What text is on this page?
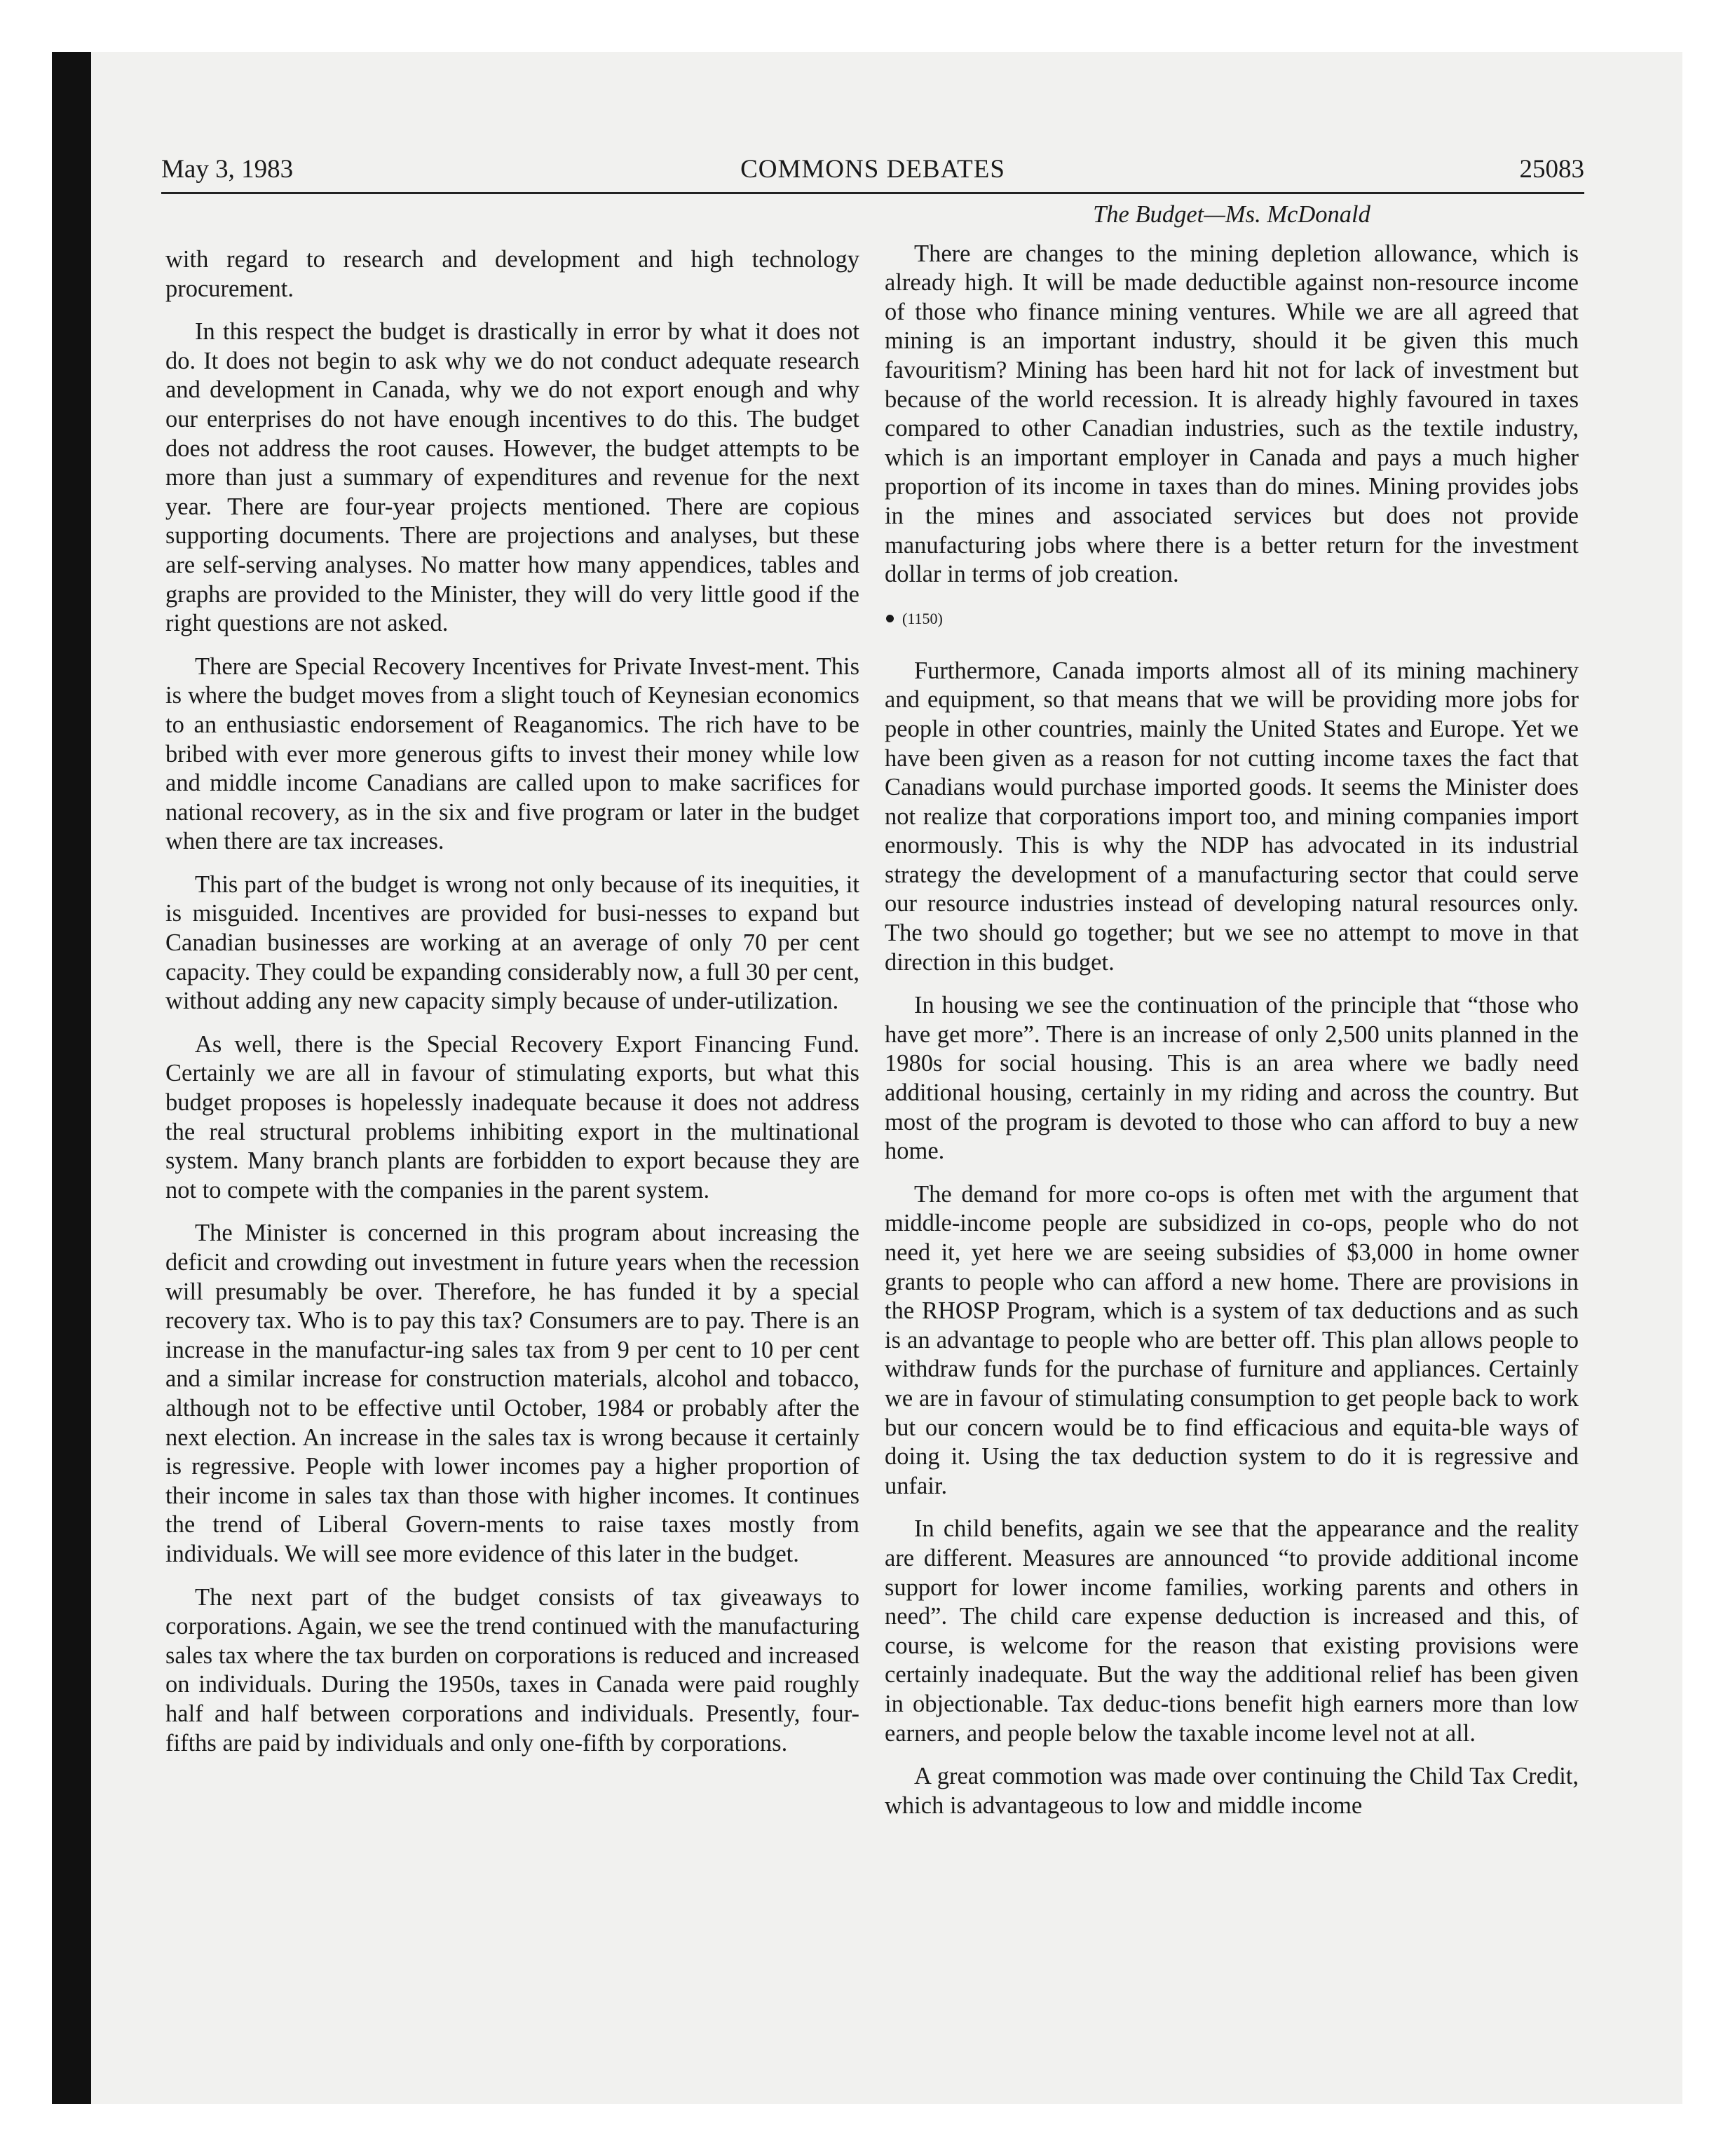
May 3, 1983	COMMONS DEBATES	25083

with regard to research and development and high technology procurement.

In this respect the budget is drastically in error by what it does not do. It does not begin to ask why we do not conduct adequate research and development in Canada, why we do not export enough and why our enterprises do not have enough incentives to do this. The budget does not address the root causes. However, the budget attempts to be more than just a summary of expenditures and revenue for the next year. There are four-year projects mentioned. There are copious supporting documents. There are projections and analyses, but these are self-serving analyses. No matter how many appendices, tables and graphs are provided to the Minister, they will do very little good if the right questions are not asked.

There are Special Recovery Incentives for Private Invest-ment. This is where the budget moves from a slight touch of Keynesian economics to an enthusiastic endorsement of Reaganomics. The rich have to be bribed with ever more generous gifts to invest their money while low and middle income Canadians are called upon to make sacrifices for national recovery, as in the six and five program or later in the budget when there are tax increases.

This part of the budget is wrong not only because of its inequities, it is misguided. Incentives are provided for busi-nesses to expand but Canadian businesses are working at an average of only 70 per cent capacity. They could be expanding considerably now, a full 30 per cent, without adding any new capacity simply because of under-utilization.

As well, there is the Special Recovery Export Financing Fund. Certainly we are all in favour of stimulating exports, but what this budget proposes is hopelessly inadequate because it does not address the real structural problems inhibiting export in the multinational system. Many branch plants are forbidden to export because they are not to compete with the companies in the parent system.

The Minister is concerned in this program about increasing the deficit and crowding out investment in future years when the recession will presumably be over. Therefore, he has funded it by a special recovery tax. Who is to pay this tax? Consumers are to pay. There is an increase in the manufactur-ing sales tax from 9 per cent to 10 per cent and a similar increase for construction materials, alcohol and tobacco, although not to be effective until October, 1984 or probably after the next election. An increase in the sales tax is wrong because it certainly is regressive. People with lower incomes pay a higher proportion of their income in sales tax than those with higher incomes. It continues the trend of Liberal Govern-ments to raise taxes mostly from individuals. We will see more evidence of this later in the budget.

The next part of the budget consists of tax giveaways to corporations. Again, we see the trend continued with the manufacturing sales tax where the tax burden on corporations is reduced and increased on individuals. During the 1950s, taxes in Canada were paid roughly half and half between corporations and individuals. Presently, four-fifths are paid by individuals and only one-fifth by corporations.

The Budget—Ms. McDonald

There are changes to the mining depletion allowance, which is already high. It will be made deductible against non-resource income of those who finance mining ventures. While we are all agreed that mining is an important industry, should it be given this much favouritism? Mining has been hard hit not for lack of investment but because of the world recession. It is already highly favoured in taxes compared to other Canadian industries, such as the textile industry, which is an important employer in Canada and pays a much higher proportion of its income in taxes than do mines. Mining provides jobs in the mines and associated services but does not provide manufacturing jobs where there is a better return for the investment dollar in terms of job creation.

(1150)

Furthermore, Canada imports almost all of its mining machinery and equipment, so that means that we will be providing more jobs for people in other countries, mainly the United States and Europe. Yet we have been given as a reason for not cutting income taxes the fact that Canadians would purchase imported goods. It seems the Minister does not realize that corporations import too, and mining companies import enormously. This is why the NDP has advocated in its industrial strategy the development of a manufacturing sector that could serve our resource industries instead of developing natural resources only. The two should go together; but we see no attempt to move in that direction in this budget.

In housing we see the continuation of the principle that “those who have get more”. There is an increase of only 2,500 units planned in the 1980s for social housing. This is an area where we badly need additional housing, certainly in my riding and across the country. But most of the program is devoted to those who can afford to buy a new home.

The demand for more co-ops is often met with the argument that middle-income people are subsidized in co-ops, people who do not need it, yet here we are seeing subsidies of $3,000 in home owner grants to people who can afford a new home. There are provisions in the RHOSP Program, which is a system of tax deductions and as such is an advantage to people who are better off. This plan allows people to withdraw funds for the purchase of furniture and appliances. Certainly we are in favour of stimulating consumption to get people back to work but our concern would be to find efficacious and equita-ble ways of doing it. Using the tax deduction system to do it is regressive and unfair.

In child benefits, again we see that the appearance and the reality are different. Measures are announced “to provide additional income support for lower income families, working parents and others in need”. The child care expense deduction is increased and this, of course, is welcome for the reason that existing provisions were certainly inadequate. But the way the additional relief has been given in objectionable. Tax deduc-tions benefit high earners more than low earners, and people below the taxable income level not at all.

A great commotion was made over continuing the Child Tax Credit, which is advantageous to low and middle income
